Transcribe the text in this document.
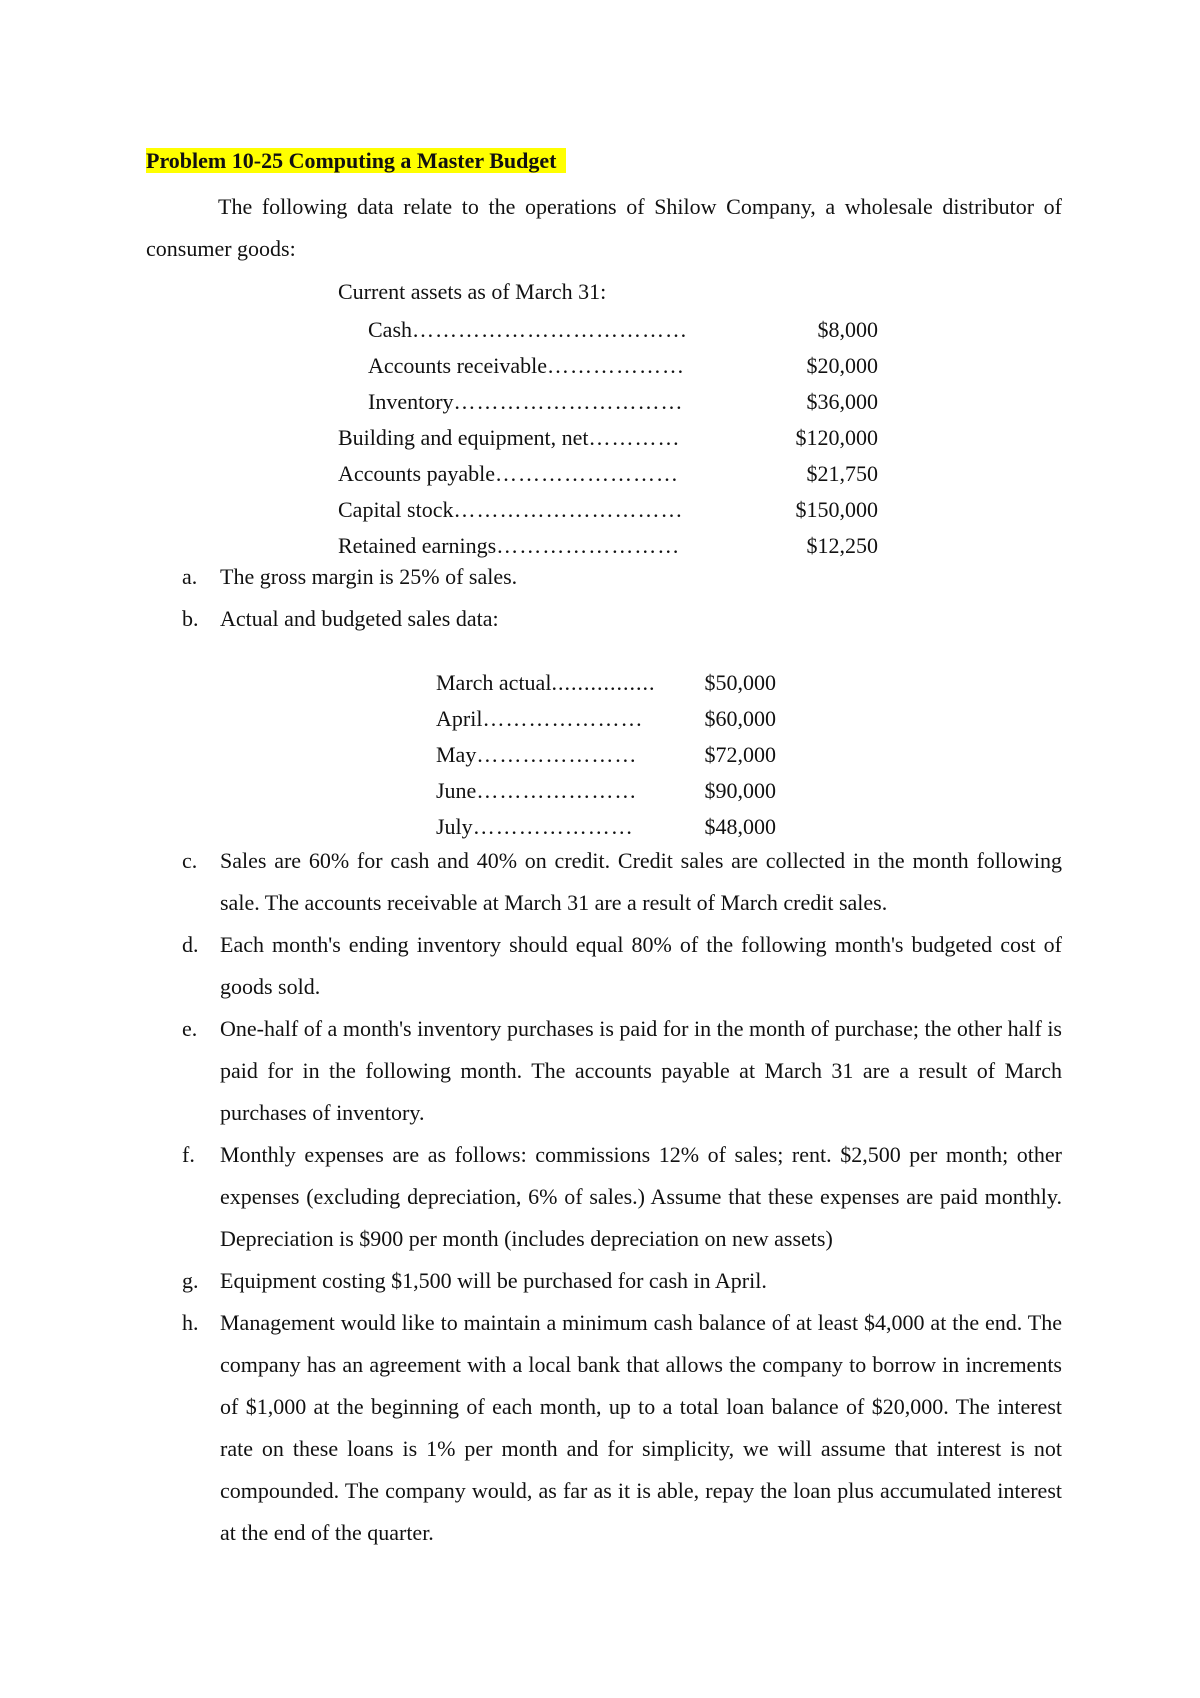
Problem 10-25 Computing a Master Budget

The following data relate to the operations of Shilow Company, a wholesale distributor of consumer goods:

Current assets as of March 31:
Cash………………………………	$8,000
Accounts receivable………………	$20,000
Inventory…………………………	$36,000
Building and equipment, net…………	$120,000
Accounts payable……………………	$21,750
Capital stock…………………………	$150,000
Retained earnings……………………	$12,250
a. The gross margin is 25% of sales.
b. Actual and budgeted sales data:
March actual................	$50,000
April…………………	$60,000
May…………………	$72,000
June…………………	$90,000
July…………………	$48,000
c. Sales are 60% for cash and 40% on credit. Credit sales are collected in the month following sale. The accounts receivable at March 31 are a result of March credit sales.
d. Each month's ending inventory should equal 80% of the following month's budgeted cost of goods sold.
e. One-half of a month's inventory purchases is paid for in the month of purchase; the other half is paid for in the following month. The accounts payable at March 31 are a result of March purchases of inventory.
f. Monthly expenses are as follows: commissions 12% of sales; rent. $2,500 per month; other expenses (excluding depreciation, 6% of sales.) Assume that these expenses are paid monthly. Depreciation is $900 per month (includes depreciation on new assets)
g. Equipment costing $1,500 will be purchased for cash in April.
h. Management would like to maintain a minimum cash balance of at least $4,000 at the end. The company has an agreement with a local bank that allows the company to borrow in increments of $1,000 at the beginning of each month, up to a total loan balance of $20,000. The interest rate on these loans is 1% per month and for simplicity, we will assume that interest is not compounded. The company would, as far as it is able, repay the loan plus accumulated interest at the end of the quarter.
